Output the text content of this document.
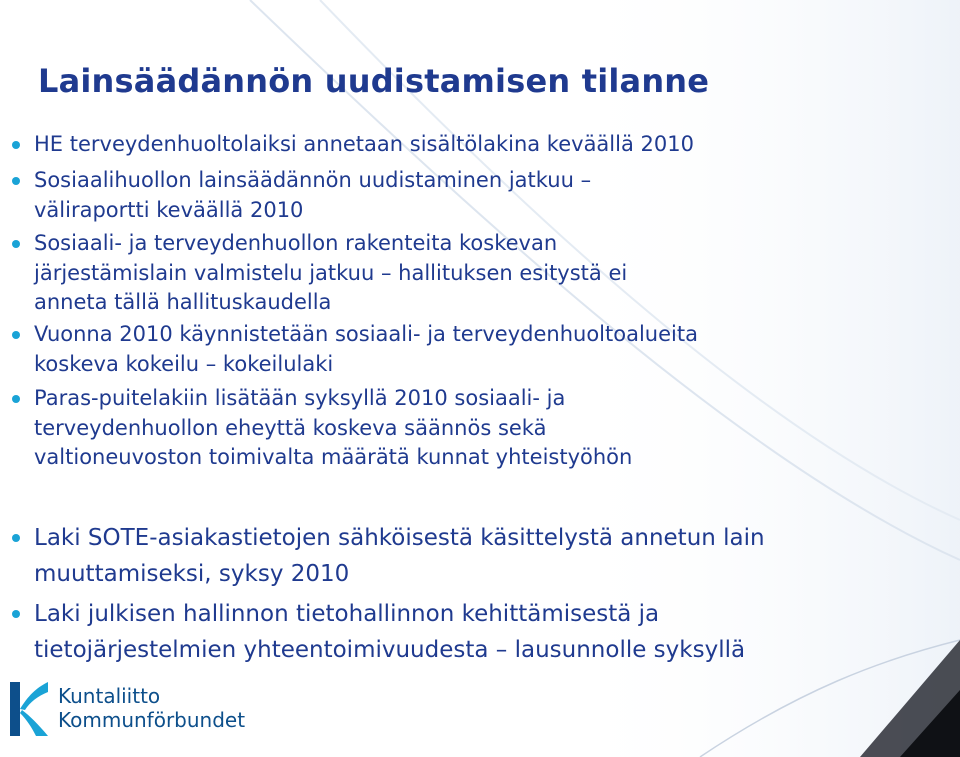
Lainsäädännön uudistamisen tilanne
HE terveydenhuoltolaiksi annetaan sisältölakina keväällä 2010
Sosiaalihuollon lainsäädännön uudistaminen jatkuu –
väliraportti keväällä 2010
Sosiaali- ja terveydenhuollon rakenteita koskevan
järjestämislain valmistelu jatkuu – hallituksen esitystä ei
anneta tällä hallituskaudella
Vuonna 2010 käynnistetään sosiaali- ja terveydenhuoltoalueita
koskeva kokeilu – kokeilulaki
Paras-puitelakiin lisätään syksyllä 2010 sosiaali- ja
terveydenhuollon eheyttä koskeva säännös sekä
valtioneuvoston toimivalta määrätä kunnat yhteistyöhön
Laki SOTE-asiakastietojen sähköisestä käsittelystä annetun lain
muuttamiseksi, syksy 2010
Laki julkisen hallinnon tietohallinnon kehittämisestä ja
tietojärjestelmien yhteentoimivuudesta – lausunnolle syksyllä

Kuntaliitto
Kommunförbundet
